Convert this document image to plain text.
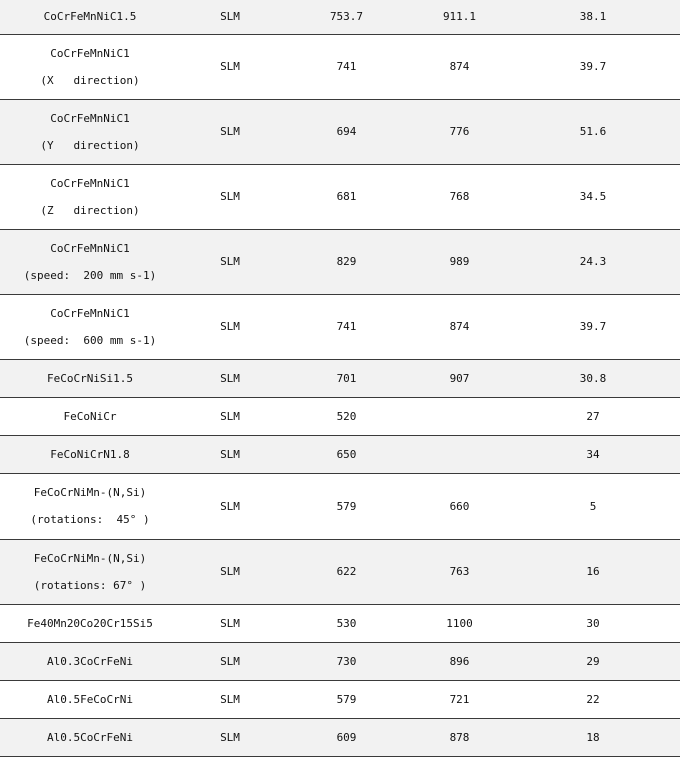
CoCrFeMnNiC1.5	SLM	753.7	911.1	38.1

CoCrFeMnNiC1
(X   direction)	SLM	741	874	39.7

CoCrFeMnNiC1
(Y   direction)	SLM	694	776	51.6

CoCrFeMnNiC1
(Z   direction)	SLM	681	768	34.5

CoCrFeMnNiC1
(speed:  200 mm s-1)	SLM	829	989	24.3

CoCrFeMnNiC1
(speed:  600 mm s-1)	SLM	741	874	39.7

FeCoCrNiSi1.5	SLM	701	907	30.8

FeCoNiCr	SLM	520		27

FeCoNiCrN1.8	SLM	650		34

FeCoCrNiMn-(N,Si)
(rotations:  45° )	SLM	579	660	5

FeCoCrNiMn-(N,Si)
(rotations: 67° )	SLM	622	763	16

Fe40Mn20Co20Cr15Si5	SLM	530	1100	30

Al0.3CoCrFeNi	SLM	730	896	29

Al0.5FeCoCrNi	SLM	579	721	22

Al0.5CoCrFeNi	SLM	609	878	18
